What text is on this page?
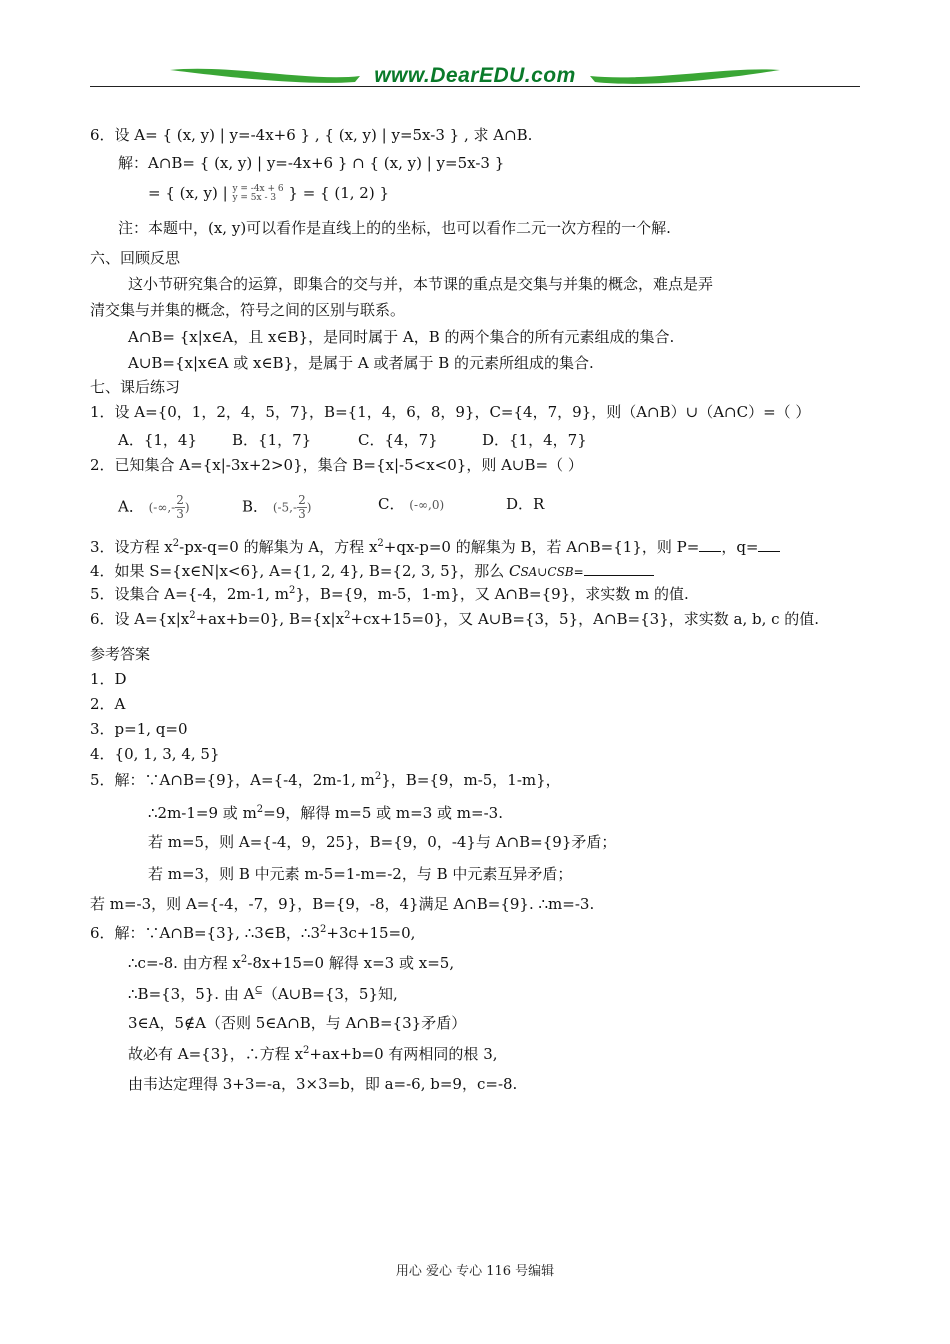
www.DearEDU.com
6．设 A= { (x, y) | y=-4x+6 } , { (x, y) | y=5x-3 } , 求 A∩B.
解：A∩B= { (x, y) | y=-4x+6 } ∩ { (x, y) | y=5x-3 }
= { (x, y) | y = -4x + 6
y = 5x - 3 } = { (1, 2) }
注：本题中，(x, y)可以看作是直线上的的坐标，也可以看作二元一次方程的一个解.
六、回顾反思
这小节研究集合的运算，即集合的交与并，本节课的重点是交集与并集的概念，难点是弄
清交集与并集的概念，符号之间的区别与联系。
A∩B= {x|x∈A，且 x∈B}，是同时属于 A，B 的两个集合的所有元素组成的集合.
A∪B={x|x∈A 或 x∈B}，是属于 A 或者属于 B 的元素所组成的集合.
七、课后练习
1．设 A={0，1，2，4，5，7}，B={1，4，6，8，9}，C={4，7，9}，则（A∩B）∪（A∩C）=（ ）
A．{1，4} B．{1，7}	C．{4，7}	D．{1，4，7}
2．已知集合 A={x|-3x+2>0}，集合 B={x|-5<x<0}，则 A∪B=（ ）
A． (-∞,- $\frac{2}{3}$ )	B． ($-5,- \frac{2}{3}$ )	C． (-∞,0)	D．R
3．设方程 $x^2-px-q=0$ 的解集为 A，方程 $x^2+qx-p=0$ 的解集为 B，若 A∩B={1}，则 P= ，q=
4．如果 S={x∈N|x<6}, A={1, 2, 4}, B={2, 3, 5}，那么 CSA∪CSB=
5．设集合 A={-4，2m-1, $m^2$}，B={9，m-5，1-m}，又 A∩B={9}，求实数 m 的值.
6．设 $A=\{x|x^2+ax+b=0\}$, $B=\{x|x^2+cx+15=0\}$，又 A∪B={3，5}，A∩B={3}，求实数 a, b, c 的值.
参考答案
1．D
2．A
3．p=1, q=0
4．{0, 1, 3, 4, 5}
5．解：∵A∩B={9}，A={-4，2m-1, $m^2$}，B={9，m-5，1-m}，
∴2m-1=9 或 $m^2=9$，解得 m=5 或 m=3 或 m=-3.
若 m=5，则 A={-4，9，25}，B={9，0，-4}与 A∩B={9}矛盾；
若 m=3，则 B 中元素 m-5=1-m=-2，与 B 中元素互异矛盾；
若 m=-3，则 A={-4，-7，9}，B={9，-8，4}满足 A∩B={9}. ∴m=-3.
6．解：∵A∩B={3}, ∴3∈B，$\therefore 3^2+3c+15=0$,
∴c=-8. 由方程 $x^2-8x+15=0$ 解得 x=3 或 x=5,
∴B={3，5}. 由 A⊆（A∪B={3，5}知,
3∈A，5∉A（否则 5∈A∩B，与 A∩B={3}矛盾）
故必有 A={3}，∴方程 $x^2+ax+b=0$ 有两相同的根 3,
由韦达定理得 3+3=-a，3×3=b，即 a=-6, b=9，c=-8.
用心 爱心 专心 116 号编辑
